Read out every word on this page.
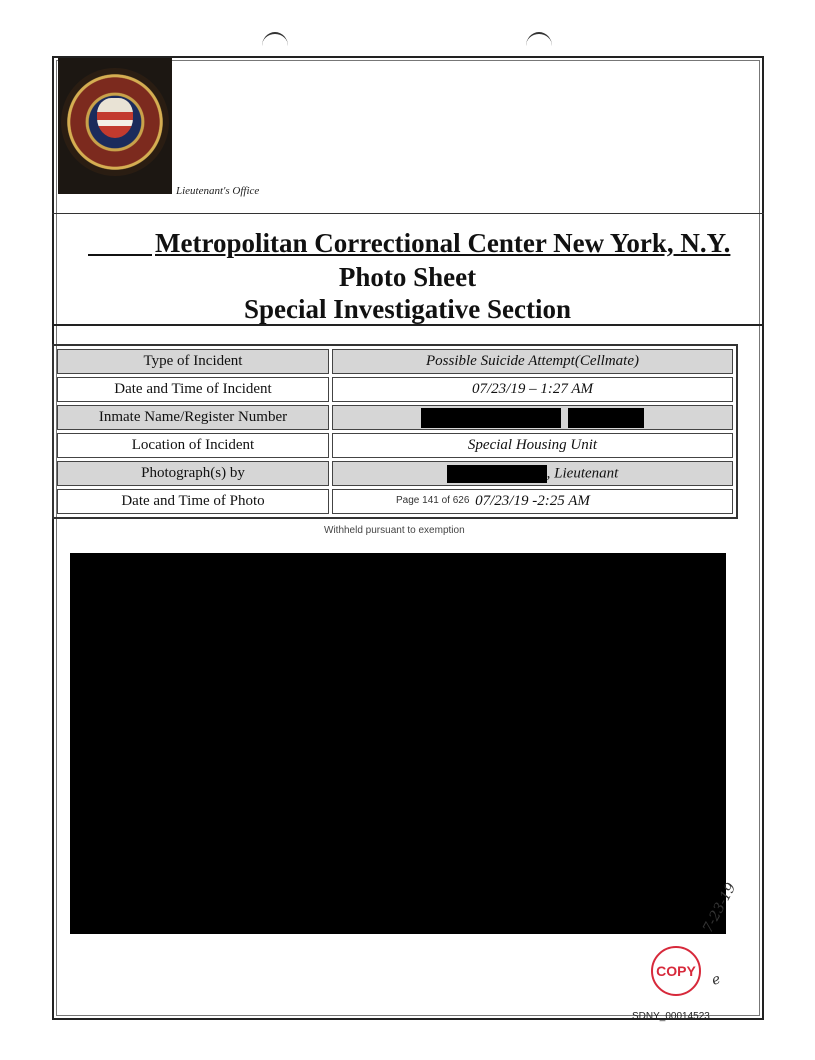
Lieutenant's Office
Metropolitan Correctional Center New York, N.Y.
Photo Sheet
Special Investigative Section
Type of Incident	Possible Suicide Attempt(Cellmate)
Date and Time of Incident	07/23/19 – 1:27 AM
Inmate Name/Register Number	
Location of Incident	Special Housing Unit
Photograph(s) by	, Lieutenant
Date and Time of Photo	07/23/19 -2:25 AM
Page 141 of 626
Withheld pursuant to exemption
7-23-19
e
COPY
SDNY_00014523
